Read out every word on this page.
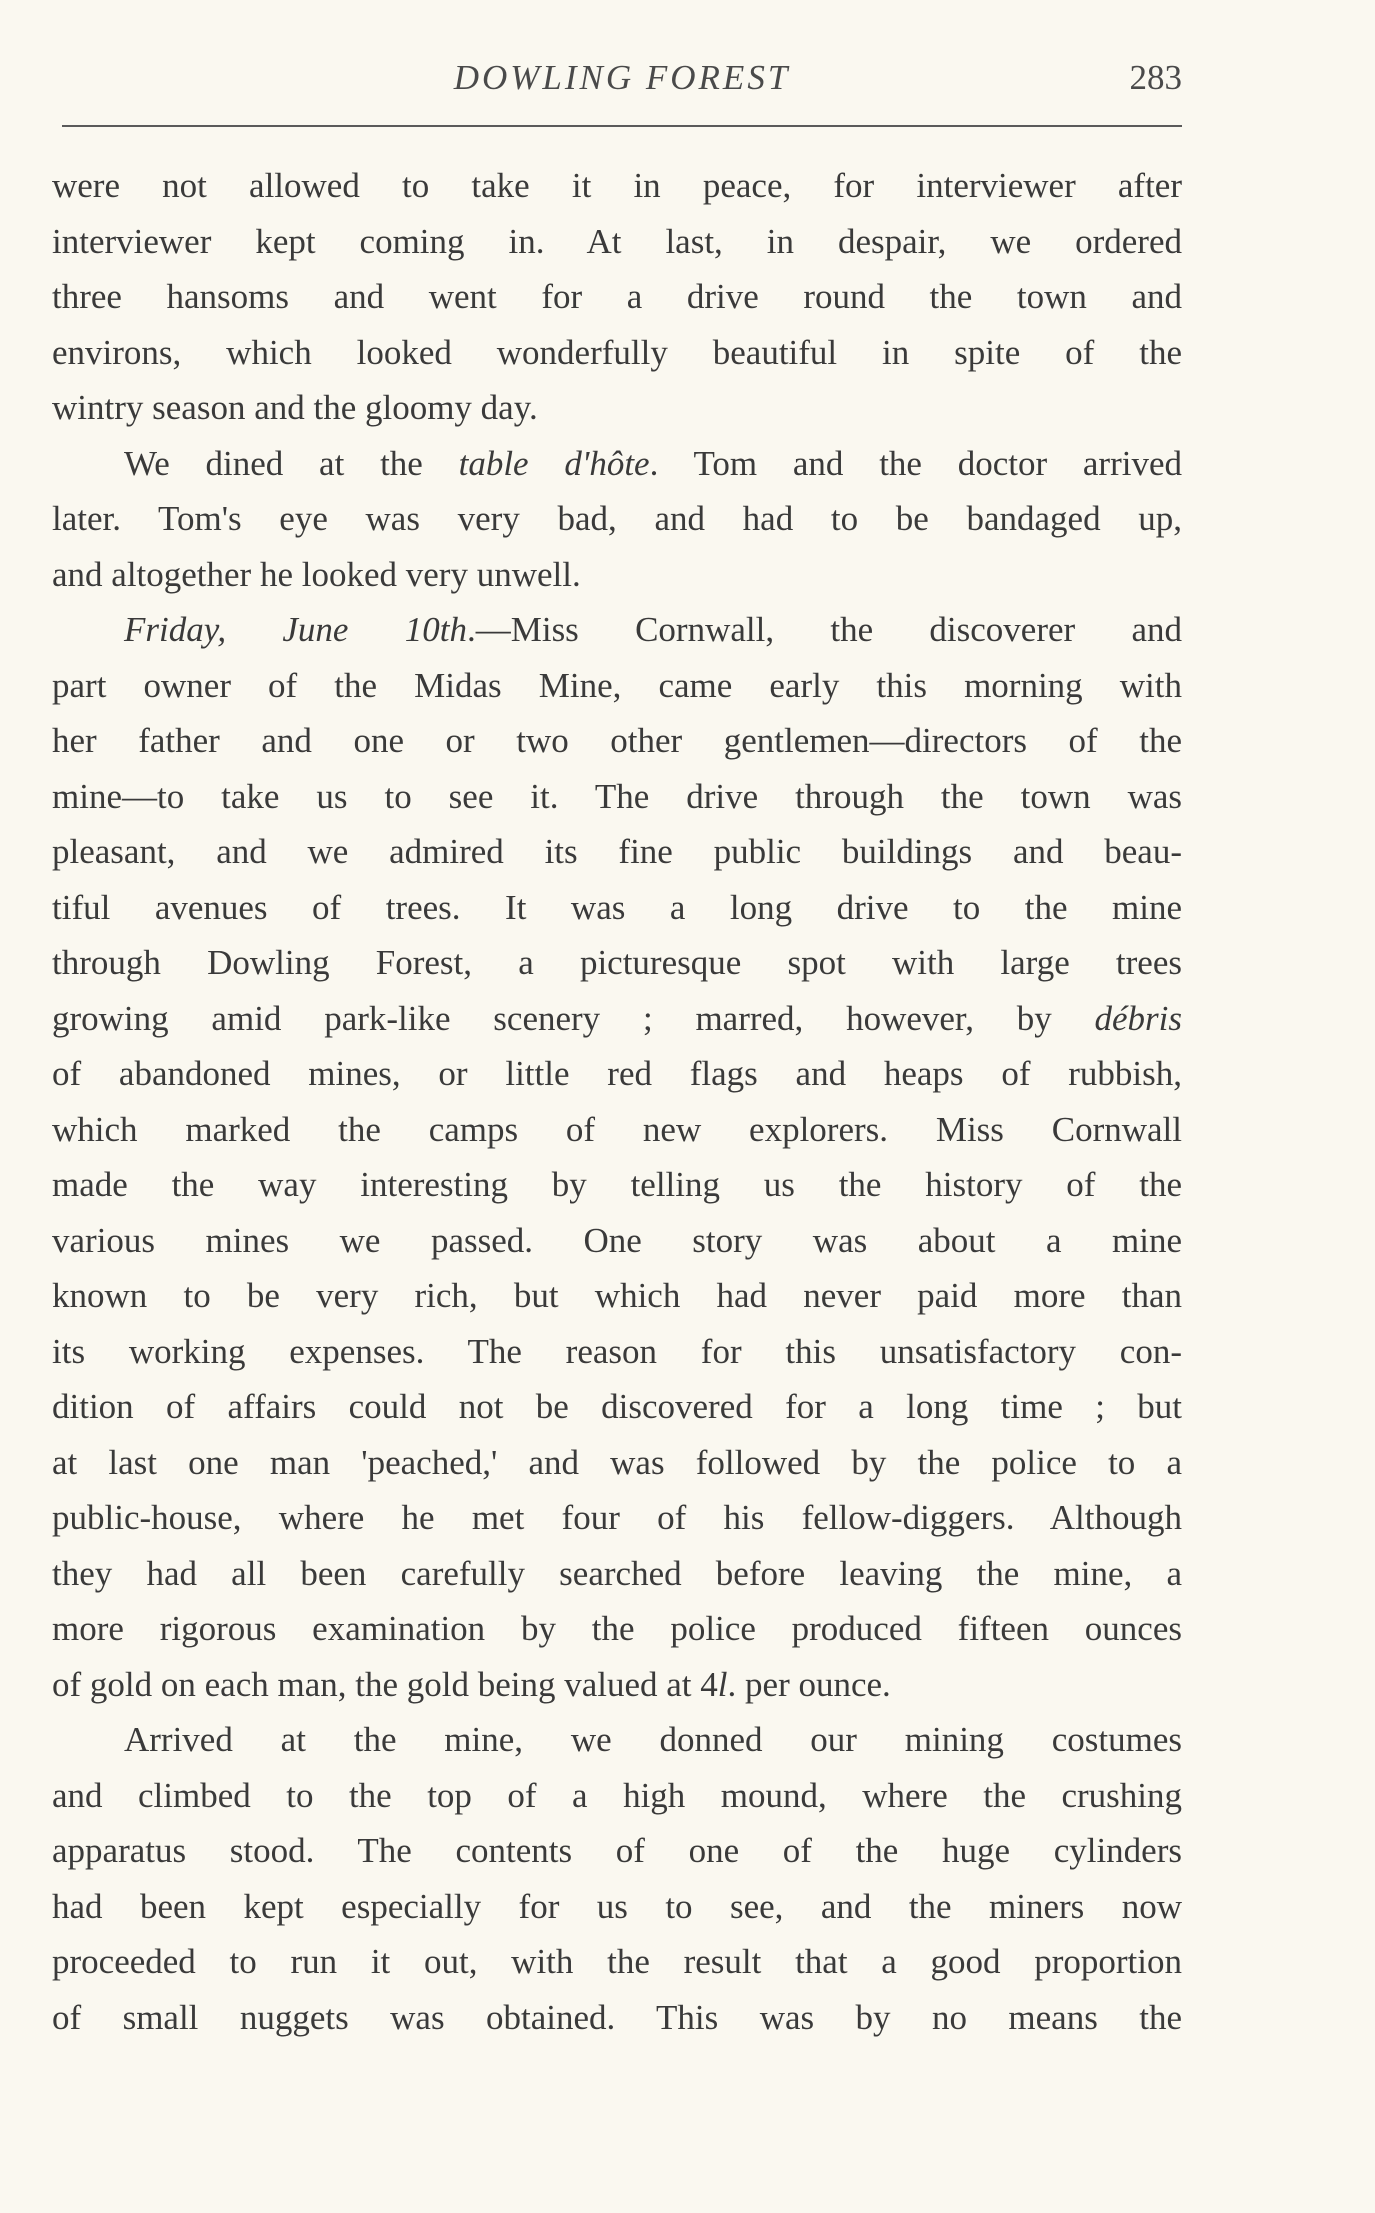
DOWLING FOREST	283
were not allowed to take it in peace, for interviewer after
interviewer kept coming in. At last, in despair, we ordered
three hansoms and went for a drive round the town and
environs, which looked wonderfully beautiful in spite of the
wintry season and the gloomy day.
We dined at the table d'hôte. Tom and the doctor arrived
later. Tom's eye was very bad, and had to be bandaged up,
and altogether he looked very unwell.
Friday, June 10th.—Miss Cornwall, the discoverer and
part owner of the Midas Mine, came early this morning with
her father and one or two other gentlemen—directors of the
mine—to take us to see it. The drive through the town was
pleasant, and we admired its fine public buildings and beau-
tiful avenues of trees. It was a long drive to the mine
through Dowling Forest, a picturesque spot with large trees
growing amid park-like scenery ; marred, however, by débris
of abandoned mines, or little red flags and heaps of rubbish,
which marked the camps of new explorers. Miss Cornwall
made the way interesting by telling us the history of the
various mines we passed. One story was about a mine
known to be very rich, but which had never paid more than
its working expenses. The reason for this unsatisfactory con-
dition of affairs could not be discovered for a long time ; but
at last one man 'peached,' and was followed by the police to a
public-house, where he met four of his fellow-diggers. Although
they had all been carefully searched before leaving the mine, a
more rigorous examination by the police produced fifteen ounces
of gold on each man, the gold being valued at 4l. per ounce.
Arrived at the mine, we donned our mining costumes
and climbed to the top of a high mound, where the crushing
apparatus stood. The contents of one of the huge cylinders
had been kept especially for us to see, and the miners now
proceeded to run it out, with the result that a good proportion
of small nuggets was obtained. This was by no means the
